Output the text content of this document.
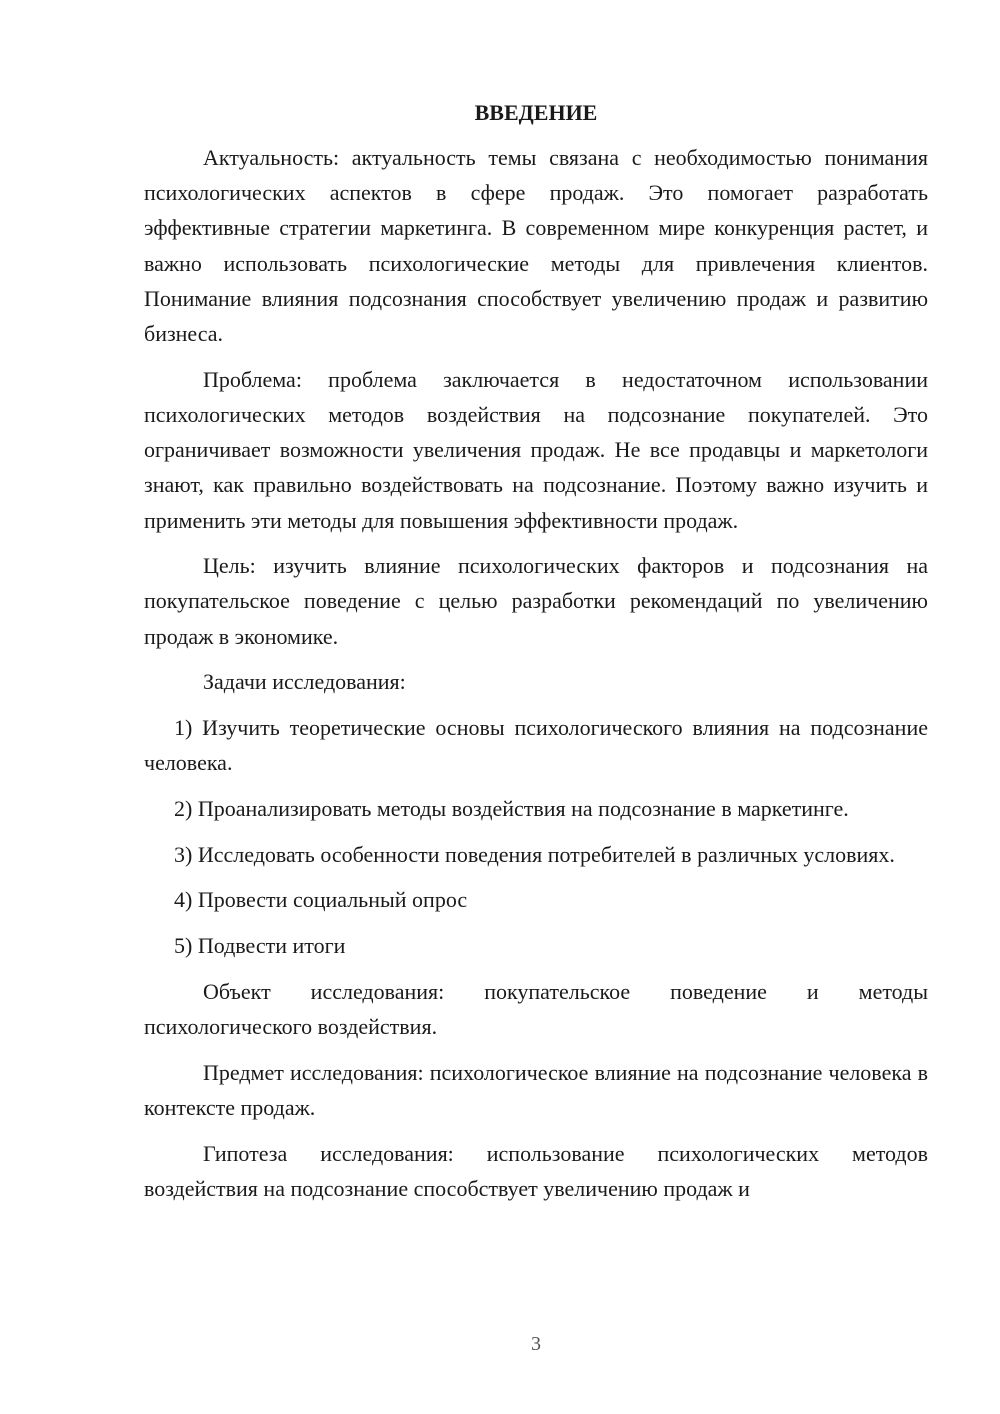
ВВЕДЕНИЕ

Актуальность: актуальность темы связана с необходимостью понимания психологических аспектов в сфере продаж. Это помогает разработать эффективные стратегии маркетинга. В современном мире конкуренция растет, и важно использовать психологические методы для привлечения клиентов. Понимание влияния подсознания способствует увеличению продаж и развитию бизнеса.

Проблема: проблема заключается в недостаточном использовании психологических методов воздействия на подсознание покупателей. Это ограничивает возможности увеличения продаж. Не все продавцы и маркетологи знают, как правильно воздействовать на подсознание. Поэтому важно изучить и применить эти методы для повышения эффективности продаж.

Цель: изучить влияние психологических факторов и подсознания на покупательское поведение с целью разработки рекомендаций по увеличению продаж в экономике.

Задачи исследования:

1) Изучить теоретические основы психологического влияния на подсознание человека.

2) Проанализировать методы воздействия на подсознание в маркетинге.

3) Исследовать особенности поведения потребителей в различных условиях.

4) Провести социальный опрос

5) Подвести итоги

Объект исследования: покупательское поведение и методы психологического воздействия.

Предмет исследования: психологическое влияние на подсознание человека в контексте продаж.

Гипотеза исследования: использование психологических методов воздействия на подсознание способствует увеличению продаж и

3
